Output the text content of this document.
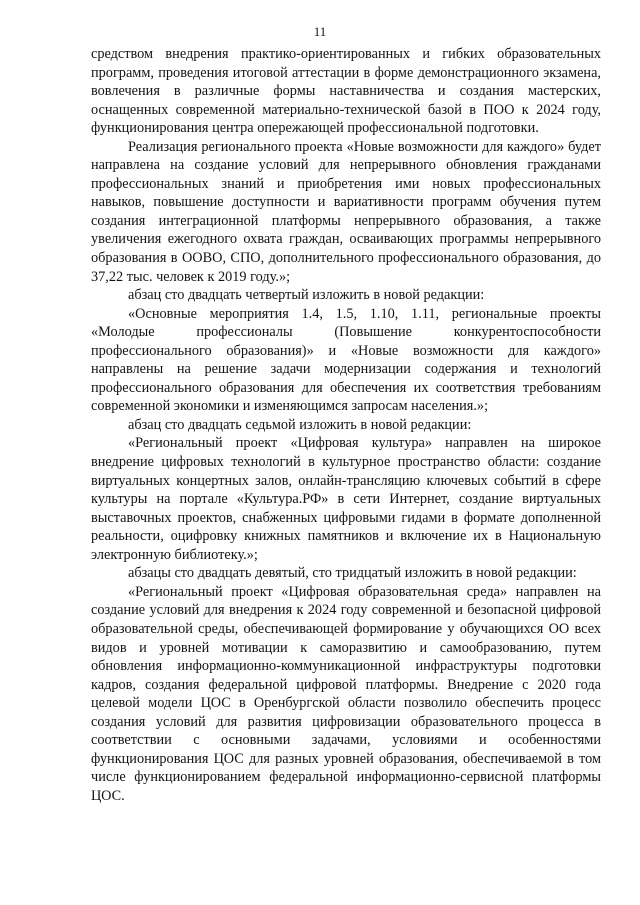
11

средством внедрения практико-ориентированных и гибких образовательных программ, проведения итоговой аттестации в форме демонстрационного экзамена, вовлечения в различные формы наставничества и создания мастерских, оснащенных современной материально-технической базой в ПОО к 2024 году, функционирования центра опережающей профессиональной подготовки.

Реализация регионального проекта «Новые возможности для каждого» будет направлена на создание условий для непрерывного обновления гражданами профессиональных знаний и приобретения ими новых профессиональных навыков, повышение доступности и вариативности программ обучения путем создания интеграционной платформы непрерывного образования, а также увеличения ежегодного охвата граждан, осваивающих программы непрерывного образования в ООВО, СПО, дополнительного профессионального образования, до 37,22 тыс. человек к 2019 году.»;

абзац сто двадцать четвертый изложить в новой редакции:

«Основные мероприятия 1.4, 1.5, 1.10, 1.11, региональные проекты «Молодые профессионалы (Повышение конкурентоспособности профессионального образования)» и «Новые возможности для каждого» направлены на решение задачи модернизации содержания и технологий профессионального образования для обеспечения их соответствия требованиям современной экономики и изменяющимся запросам населения.»;

абзац сто двадцать седьмой изложить в новой редакции:

«Региональный проект «Цифровая культура» направлен на широкое внедрение цифровых технологий в культурное пространство области: создание виртуальных концертных залов, онлайн-трансляцию ключевых событий в сфере культуры на портале «Культура.РФ» в сети Интернет, создание виртуальных выставочных проектов, снабженных цифровыми гидами в формате дополненной реальности, оцифровку книжных памятников и включение их в Национальную электронную библиотеку.»;

абзацы сто двадцать девятый, сто тридцатый изложить в новой редакции:

«Региональный проект «Цифровая образовательная среда» направлен на создание условий для внедрения к 2024 году современной и безопасной цифровой образовательной среды, обеспечивающей формирование у обучающихся ОО всех видов и уровней мотивации к саморазвитию и самообразованию, путем обновления информационно-коммуникационной инфраструктуры подготовки кадров, создания федеральной цифровой платформы. Внедрение с 2020 года целевой модели ЦОС в Оренбургской области позволило обеспечить процесс создания условий для развития цифровизации образовательного процесса в соответствии с основными задачами, условиями и особенностями функционирования ЦОС для разных уровней образования, обеспечиваемой в том числе функционированием федеральной информационно-сервисной платформы ЦОС.
